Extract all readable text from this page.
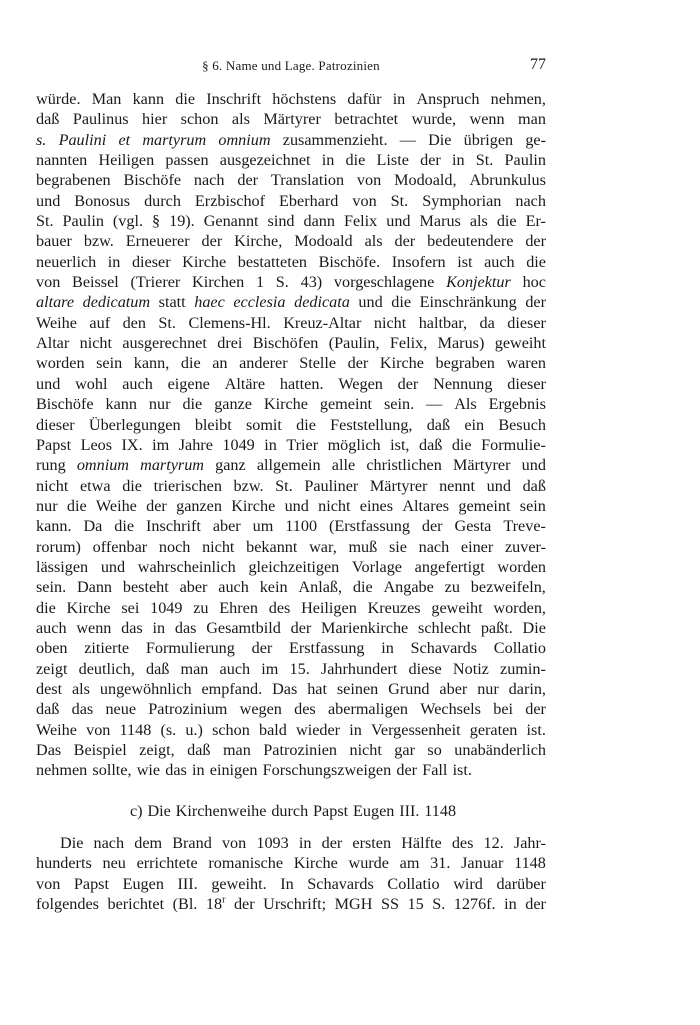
§ 6. Name und Lage. Patrozinien	77
würde. Man kann die Inschrift höchstens dafür in Anspruch nehmen,
daß Paulinus hier schon als Märtyrer betrachtet wurde, wenn man
s. Paulini et martyrum omnium zusammenzieht. — Die übrigen ge-
nannten Heiligen passen ausgezeichnet in die Liste der in St. Paulin
begrabenen Bischöfe nach der Translation von Modoald, Abrunkulus
und Bonosus durch Erzbischof Eberhard von St. Symphorian nach
St. Paulin (vgl. § 19). Genannt sind dann Felix und Marus als die Er-
bauer bzw. Erneuerer der Kirche, Modoald als der bedeutendere der
neuerlich in dieser Kirche bestatteten Bischöfe. Insofern ist auch die
von Beissel (Trierer Kirchen 1 S. 43) vorgeschlagene Konjektur hoc
altare dedicatum statt haec ecclesia dedicata und die Einschränkung der
Weihe auf den St. Clemens-Hl. Kreuz-Altar nicht haltbar, da dieser
Altar nicht ausgerechnet drei Bischöfen (Paulin, Felix, Marus) geweiht
worden sein kann, die an anderer Stelle der Kirche begraben waren
und wohl auch eigene Altäre hatten. Wegen der Nennung dieser
Bischöfe kann nur die ganze Kirche gemeint sein. — Als Ergebnis
dieser Überlegungen bleibt somit die Feststellung, daß ein Besuch
Papst Leos IX. im Jahre 1049 in Trier möglich ist, daß die Formulie-
rung omnium martyrum ganz allgemein alle christlichen Märtyrer und
nicht etwa die trierischen bzw. St. Pauliner Märtyrer nennt und daß
nur die Weihe der ganzen Kirche und nicht eines Altares gemeint sein
kann. Da die Inschrift aber um 1100 (Erstfassung der Gesta Treve-
rorum) offenbar noch nicht bekannt war, muß sie nach einer zuver-
lässigen und wahrscheinlich gleichzeitigen Vorlage angefertigt worden
sein. Dann besteht aber auch kein Anlaß, die Angabe zu bezweifeln,
die Kirche sei 1049 zu Ehren des Heiligen Kreuzes geweiht worden,
auch wenn das in das Gesamtbild der Marienkirche schlecht paßt. Die
oben zitierte Formulierung der Erstfassung in Schavards Collatio
zeigt deutlich, daß man auch im 15. Jahrhundert diese Notiz zumin-
dest als ungewöhnlich empfand. Das hat seinen Grund aber nur darin,
daß das neue Patrozinium wegen des abermaligen Wechsels bei der
Weihe von 1148 (s. u.) schon bald wieder in Vergessenheit geraten ist.
Das Beispiel zeigt, daß man Patrozinien nicht gar so unabänderlich
nehmen sollte, wie das in einigen Forschungszweigen der Fall ist.
c) Die Kirchenweihe durch Papst Eugen III. 1148
Die nach dem Brand von 1093 in der ersten Hälfte des 12. Jahr-
hunderts neu errichtete romanische Kirche wurde am 31. Januar 1148
von Papst Eugen III. geweiht. In Schavards Collatio wird darüber
folgendes berichtet (Bl. 18$^r$ der Urschrift; MGH SS 15 S. 1276f. in der
